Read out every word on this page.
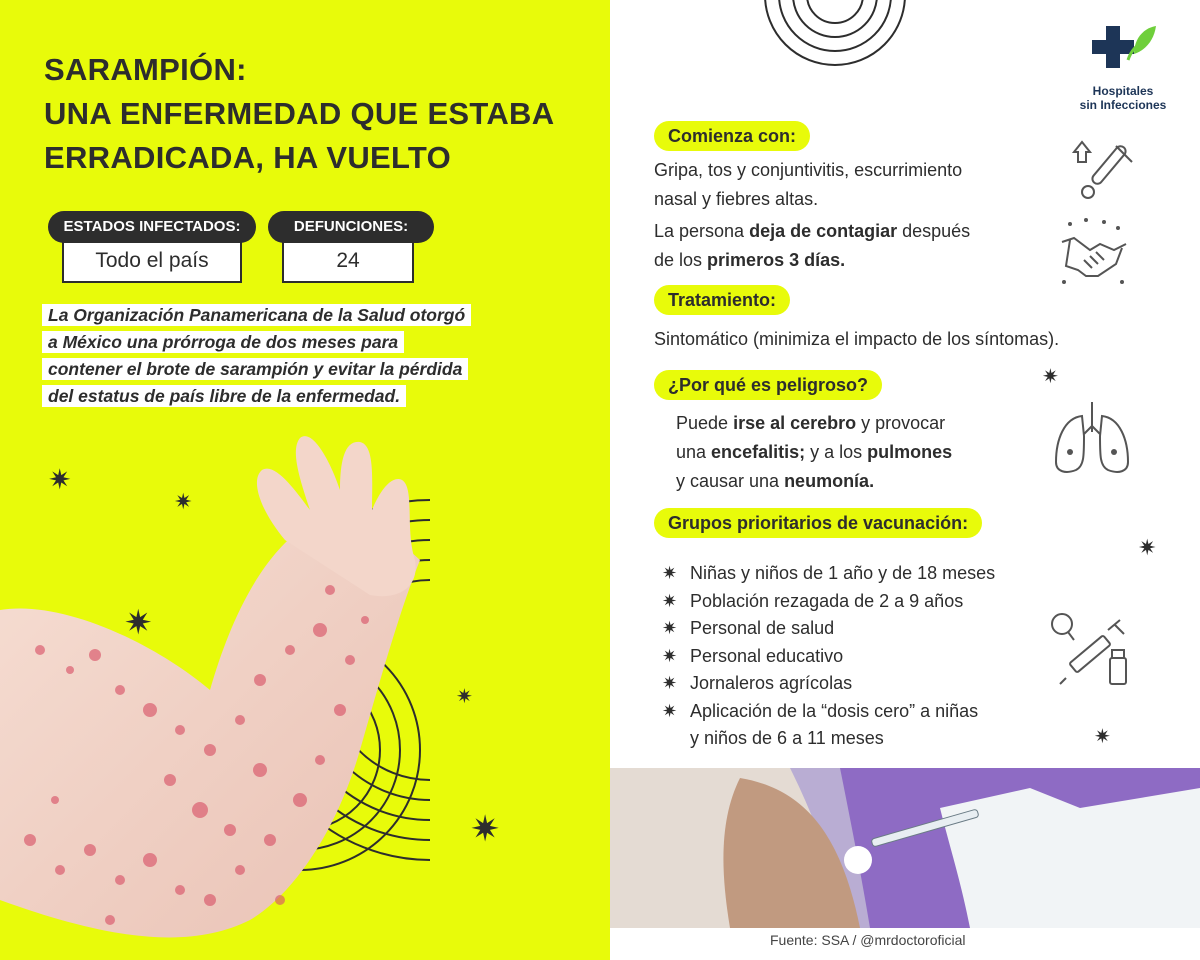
SARAMPIÓN:
UNA ENFERMEDAD QUE ESTABA
ERRADICADA, HA VUELTO
ESTADOS INFECTADOS:
Todo el país
DEFUNCIONES:
24
La Organización Panamericana de la Salud otorgó
a México una prórroga de dos meses para
contener el brote de sarampión y evitar la pérdida
del estatus de país libre de la enfermedad.
✷
✷
✷
✷
✷
Hospitales
sin Infecciones
Comienza con:
Gripa, tos y conjuntivitis, escurrimiento
nasal y fiebres altas.
La persona deja de contagiar después
de los primeros 3 días.
Tratamiento:
Sintomático (minimiza el impacto de los síntomas).
¿Por qué es peligroso?
Puede irse al cerebro y provocar
una encefalitis; y a los pulmones
y causar una neumonía.
Grupos prioritarios de vacunación:
✷ Niñas y niños de 1 año y de 18 meses
✷ Población rezagada de 2 a 9 años
✷ Personal de salud
✷ Personal educativo
✷ Jornaleros agrícolas
✷ Aplicación de la “dosis cero” a niñas
y niños de 6 a 11 meses
✷
✷
✷
Fuente: SSA / @mrdoctoroficial
